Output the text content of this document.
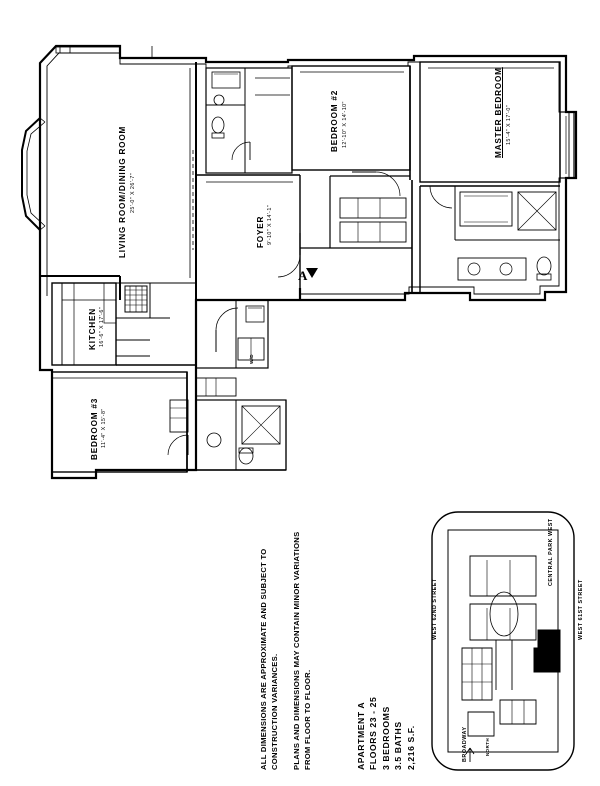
LIVING ROOM/DINING ROOM 25'-0" X 26'-7"
KITCHEN 16'-6" X 17'-6"
BEDROOM #3 11'-4" X 15'-8"
BEDROOM #2 12'-10" X 14'-10"	MASTER BEDROOM 15'-4" X 17'-0"
FOYER 9'-10" X 14'-1"
W/D
A
APARTMENT A FLOORS 23 - 25 3 BEDROOMS 3.5 BATHS 2,216 S.F.
ALL DIMENSIONS ARE APPROXIMATE AND SUBJECT TO CONSTRUCTION VARIANCES. PLANS AND DIMENSIONS MAY CONTAIN MINOR VARIATIONS FROM FLOOR TO FLOOR.
CENTRAL PARK WEST
WEST 62ND STREET	WEST 61ST STREET
BROADWAY	NORTH
